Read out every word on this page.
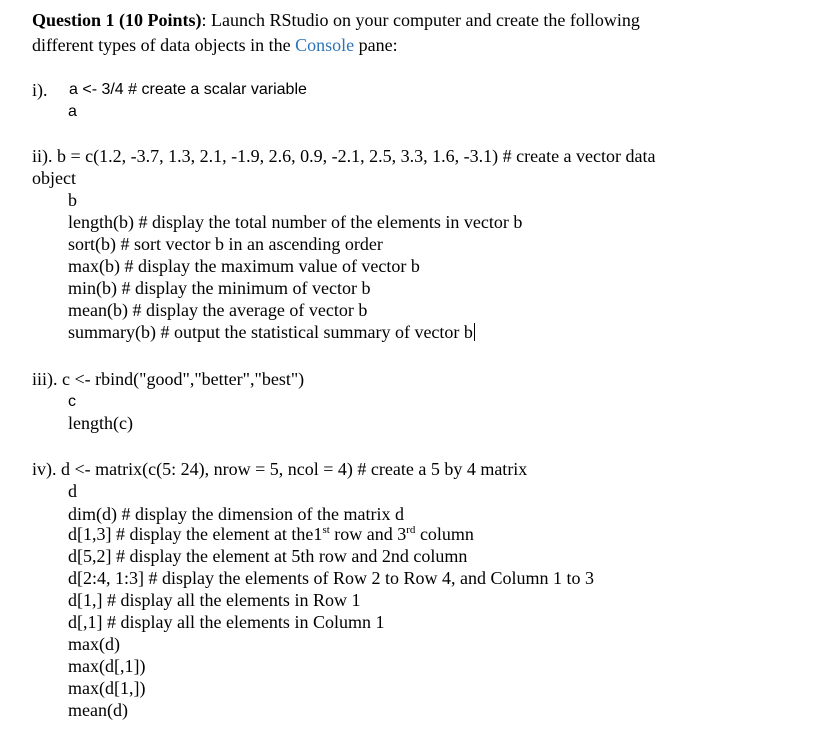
Question 1 (10 Points): Launch RStudio on your computer and create the following
different types of data objects in the Console pane:
i). a <- 3/4 # create a scalar variable
a
ii). b = c(1.2, -3.7, 1.3, 2.1, -1.9, 2.6, 0.9, -2.1, 2.5, 3.3, 1.6, -3.1) # create a vector data
object
b
length(b) # display the total number of the elements in vector b
sort(b) # sort vector b in an ascending order
max(b) # display the maximum value of vector b
min(b) # display the minimum of vector b
mean(b) # display the average of vector b
summary(b) # output the statistical summary of vector b
iii). c <- rbind("good","better","best")
c
length(c)
iv). d <- matrix(c(5: 24), nrow = 5, ncol = 4) # create a 5 by 4 matrix
d
dim(d) # display the dimension of the matrix d
d[1,3] # display the element at the1st row and 3rd column
d[5,2] # display the element at 5th row and 2nd column
d[2:4, 1:3] # display the elements of Row 2 to Row 4, and Column 1 to 3
d[1,] # display all the elements in Row 1
d[,1] # display all the elements in Column 1
max(d)
max(d[,1])
max(d[1,])
mean(d)
